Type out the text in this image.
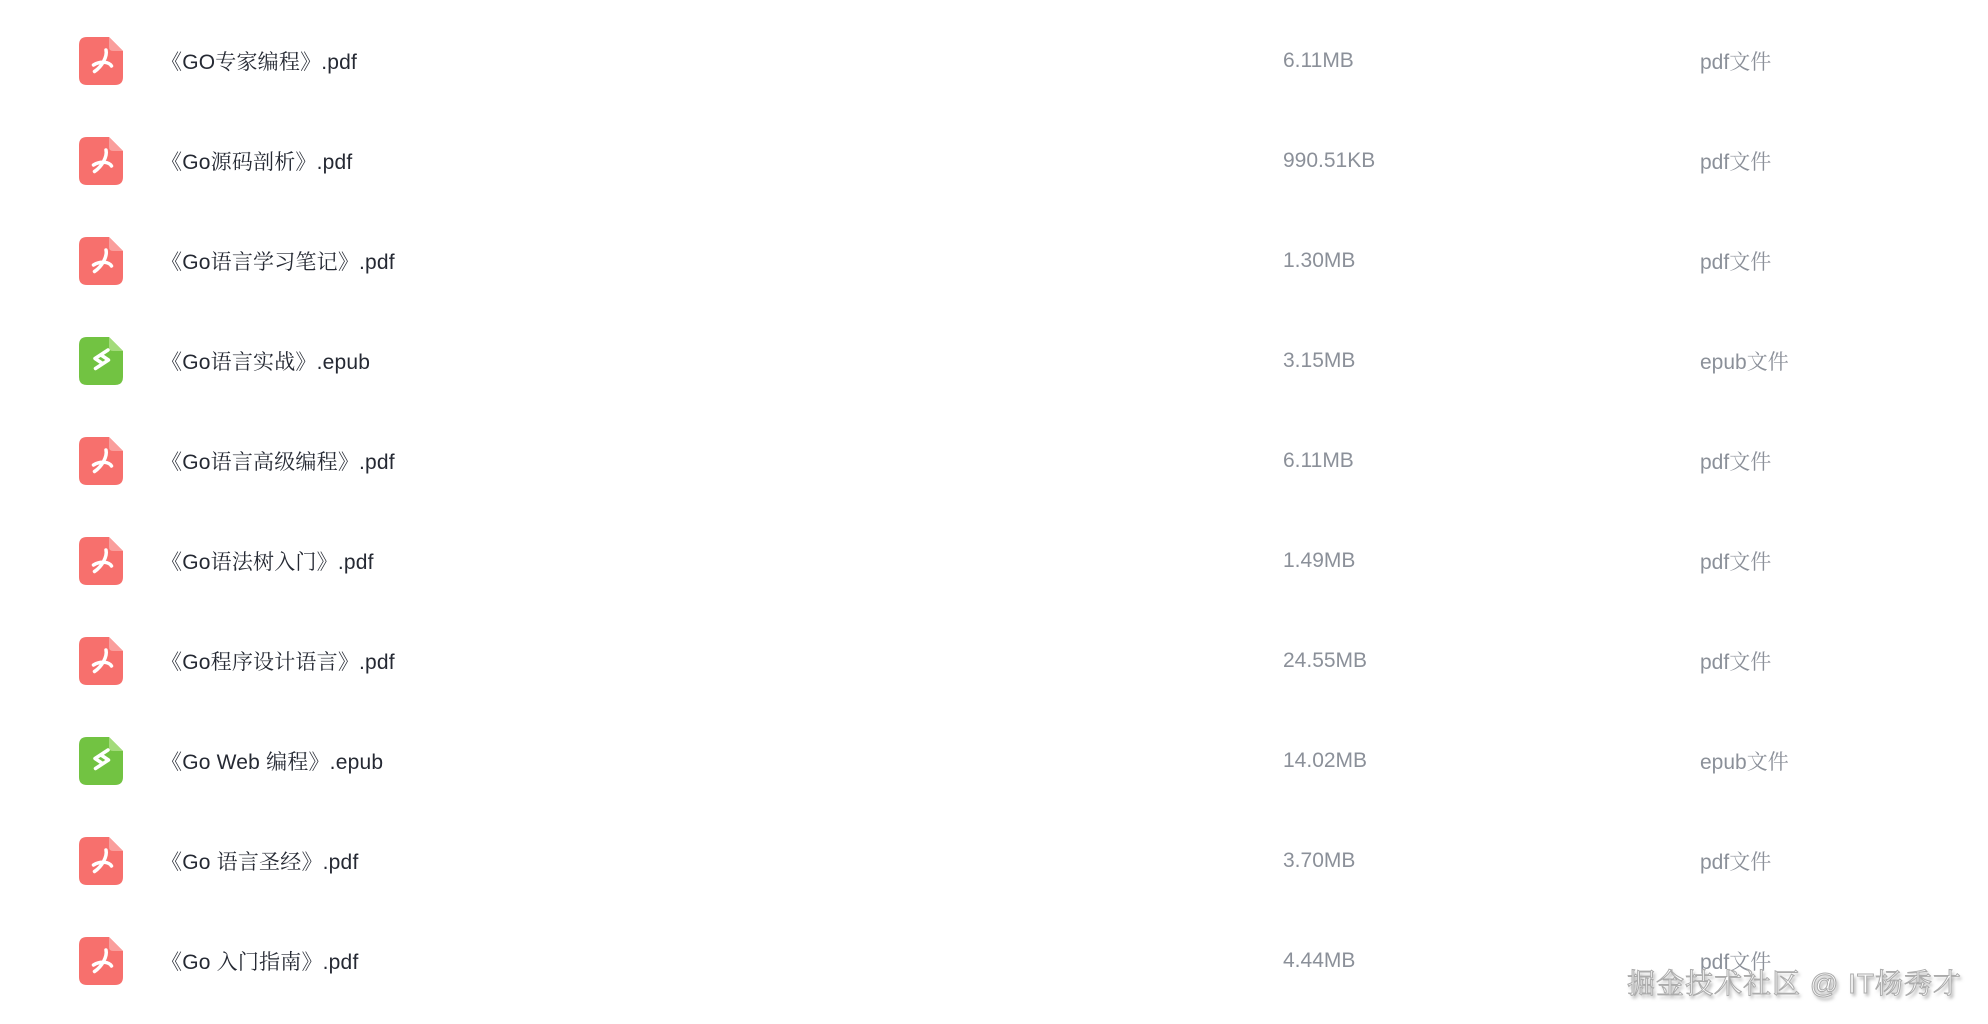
《GO专家编程》.pdf	6.11MB	pdf文件
《Go源码剖析》.pdf	990.51KB	pdf文件
《Go语言学习笔记》.pdf	1.30MB	pdf文件
《Go语言实战》.epub	3.15MB	epub文件
《Go语言高级编程》.pdf	6.11MB	pdf文件
《Go语法树入门》.pdf	1.49MB	pdf文件
《Go程序设计语言》.pdf	24.55MB	pdf文件
《Go Web 编程》.epub	14.02MB	epub文件
《Go 语言圣经》.pdf	3.70MB	pdf文件
《Go 入门指南》.pdf	4.44MB	pdf文件
掘金技术社区 @ IT杨秀才
